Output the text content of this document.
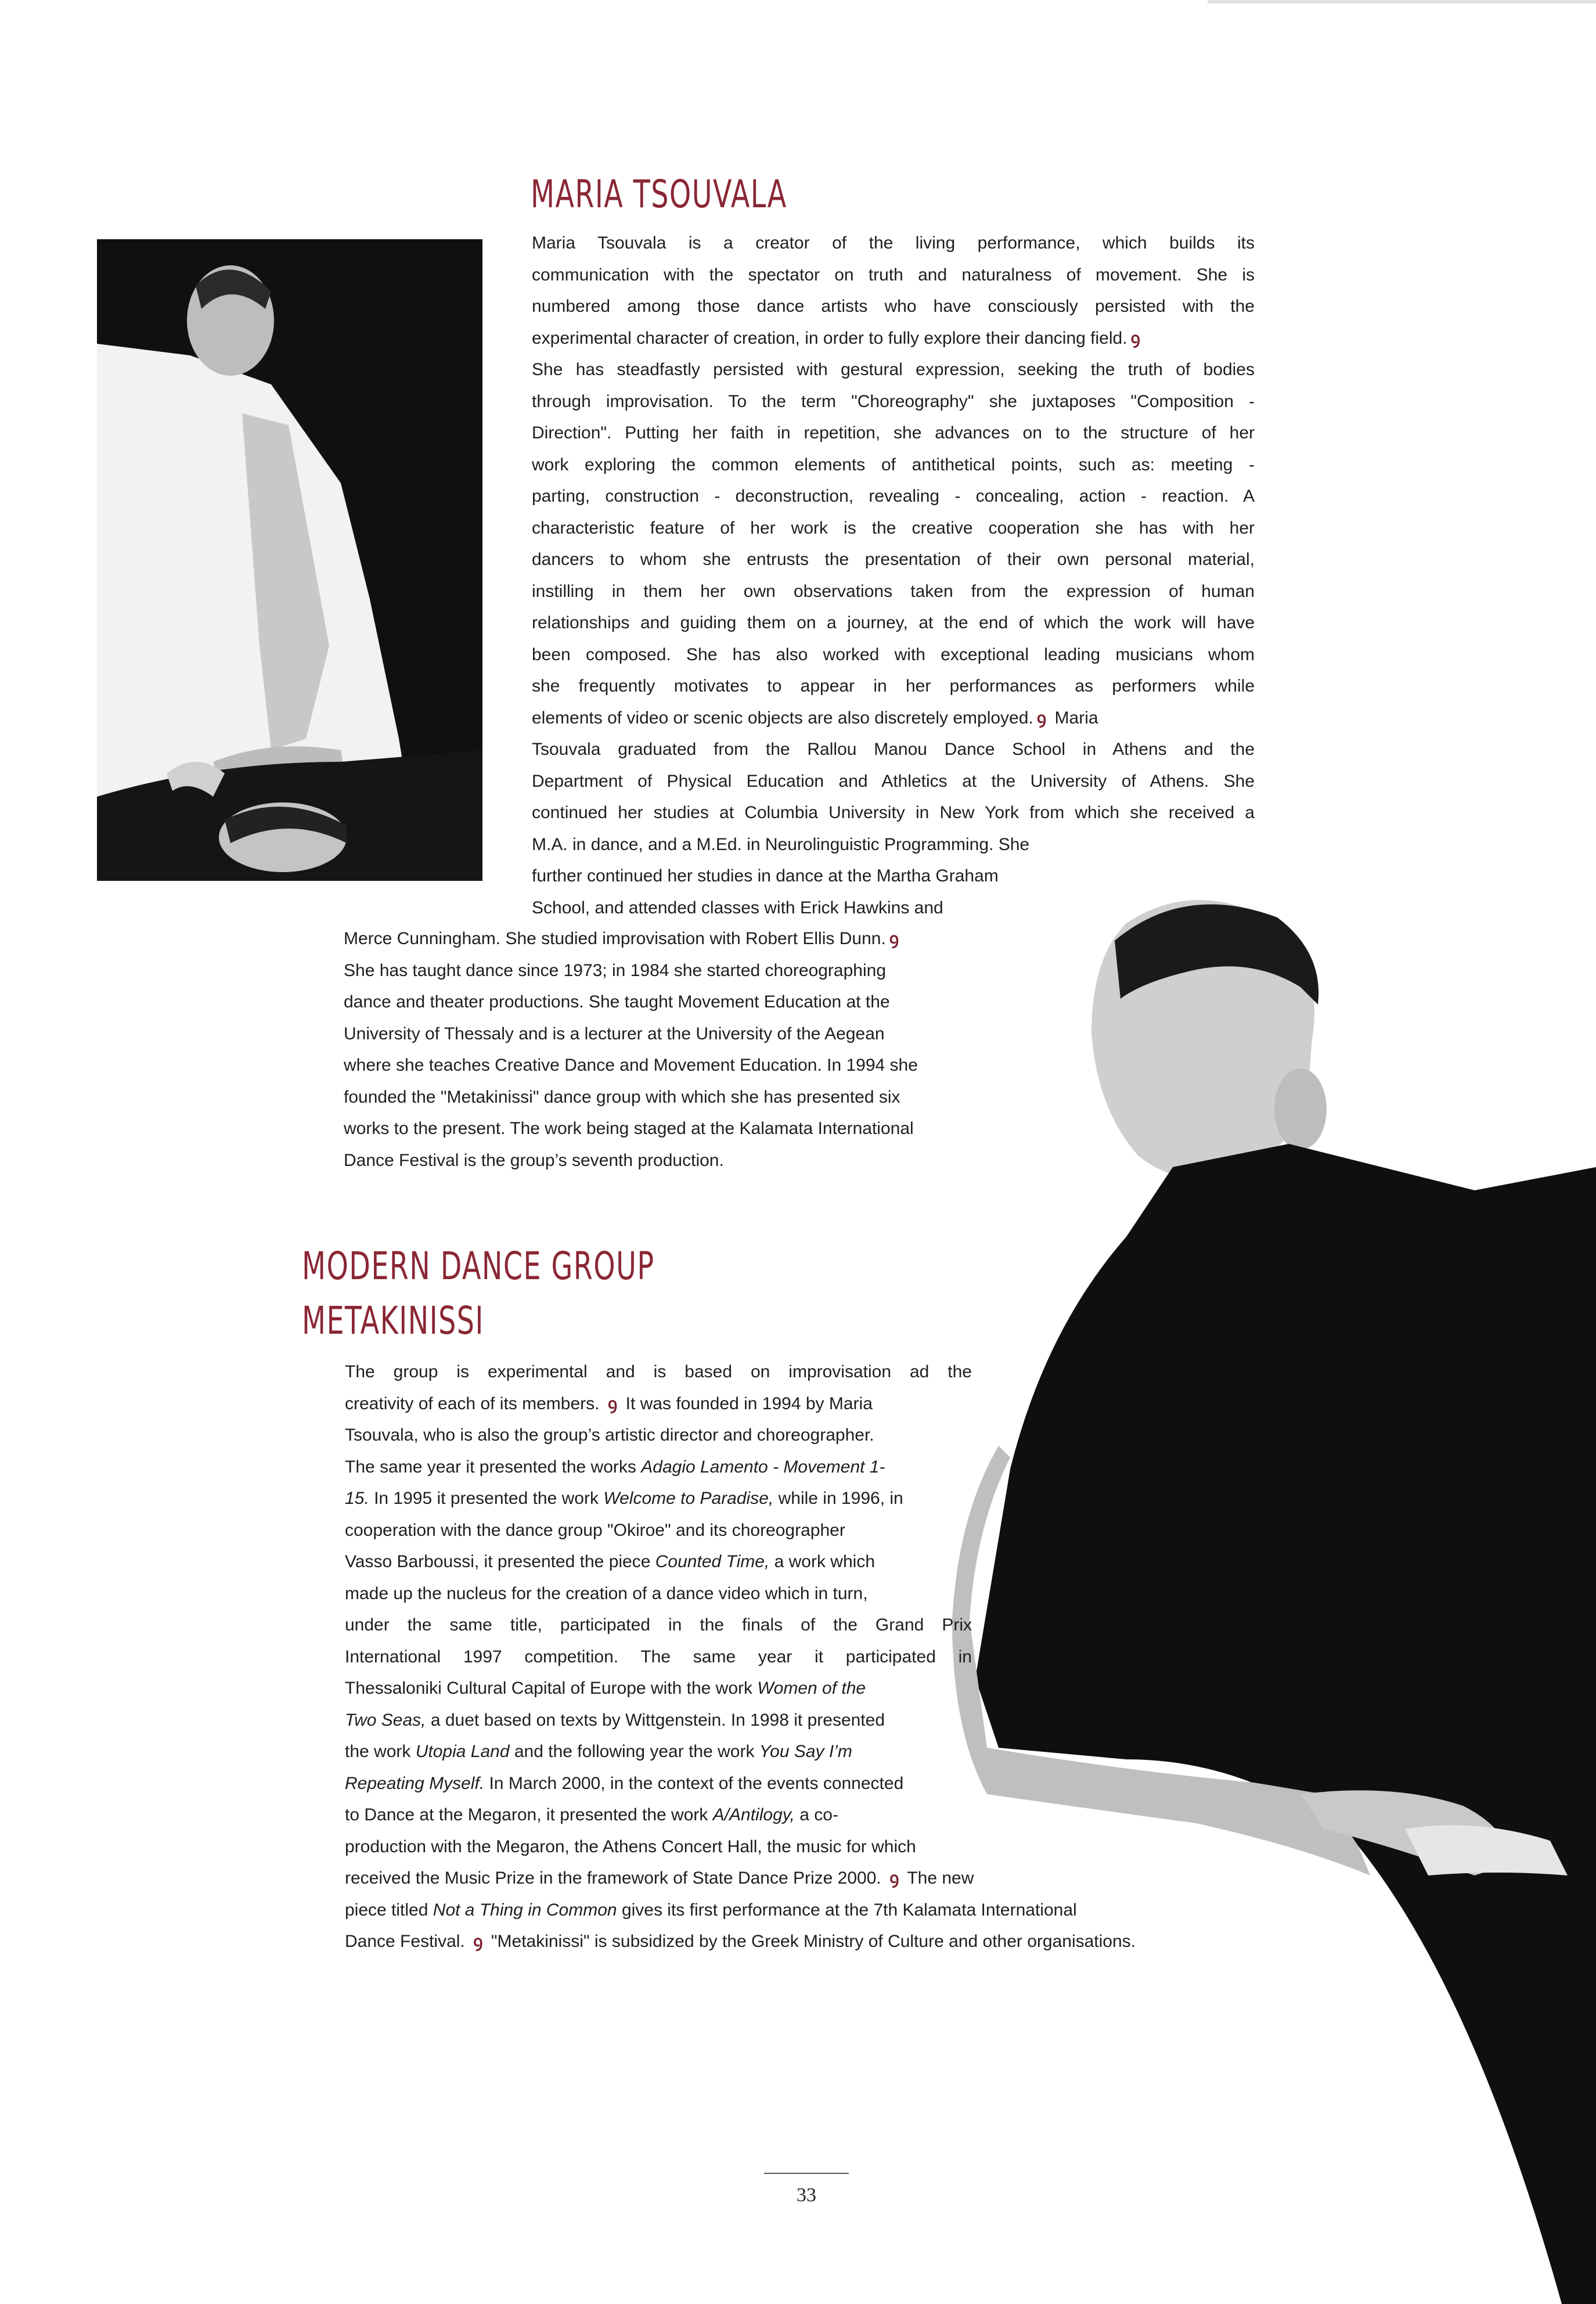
MARIA TSOUVALA
Maria Tsouvala is a creator of the living performance, which builds its
communication with the spectator on truth and naturalness of movement. She is
numbered among those dance artists who have consciously persisted with the
experimental character of creation, in order to fully explore their dancing field. ꝯ
She has steadfastly persisted with gestural expression, seeking the truth of bodies
through improvisation. To the term "Choreography" she juxtaposes "Composition -
Direction". Putting her faith in repetition, she advances on to the structure of her
work exploring the common elements of antithetical points, such as: meeting -
parting, construction - deconstruction, revealing - concealing, action - reaction. A
characteristic feature of her work is the creative cooperation she has with her
dancers to whom she entrusts the presentation of their own personal material,
instilling in them her own observations taken from the expression of human
relationships and guiding them on a journey, at the end of which the work will have
been composed. She has also worked with exceptional leading musicians whom
she frequently motivates to appear in her performances as performers while
elements of video or scenic objects are also discretely employed. ꝯ Maria
Tsouvala graduated from the Rallou Manou Dance School in Athens and the
Department of Physical Education and Athletics at the University of Athens. She
continued her studies at Columbia University in New York from which she received a
M.A. in dance, and a M.Ed. in Neurolinguistic Programming. She
further continued her studies in dance at the Martha Graham
School, and attended classes with Erick Hawkins and
Merce Cunningham. She studied improvisation with Robert Ellis Dunn. ꝯ
She has taught dance since 1973; in 1984 she started choreographing
dance and theater productions. She taught Movement Education at the
University of Thessaly and is a lecturer at the University of the Aegean
where she teaches Creative Dance and Movement Education. In 1994 she
founded the "Metakinissi" dance group with which she has presented six
works to the present. The work being staged at the Kalamata International
Dance Festival is the group’s seventh production.
MODERN DANCE GROUP
METAKINISSI
The group is experimental and is based on improvisation ad the
creativity of each of its members. ꝯ It was founded in 1994 by Maria
Tsouvala, who is also the group’s artistic director and choreographer.
The same year it presented the works Adagio Lamento - Movement 1-
15. In 1995 it presented the work Welcome to Paradise, while in 1996, in
cooperation with the dance group "Okiroe" and its choreographer
Vasso Barboussi, it presented the piece Counted Time, a work which
made up the nucleus for the creation of a dance video which in turn,
under the same title, participated in the finals of the Grand Prix
International 1997 competition. The same year it participated in
Thessaloniki Cultural Capital of Europe with the work Women of the
Two Seas, a duet based on texts by Wittgenstein. In 1998 it presented
the work Utopia Land and the following year the work You Say I’m
Repeating Myself. In March 2000, in the context of the events connected
to Dance at the Megaron, it presented the work A/Antilogy, a co-
production with the Megaron, the Athens Concert Hall, the music for which
received the Music Prize in the framework of State Dance Prize 2000. ꝯ The new
piece titled Not a Thing in Common gives its first performance at the 7th Kalamata International
Dance Festival. ꝯ "Metakinissi" is subsidized by the Greek Ministry of Culture and other organisations.
33
